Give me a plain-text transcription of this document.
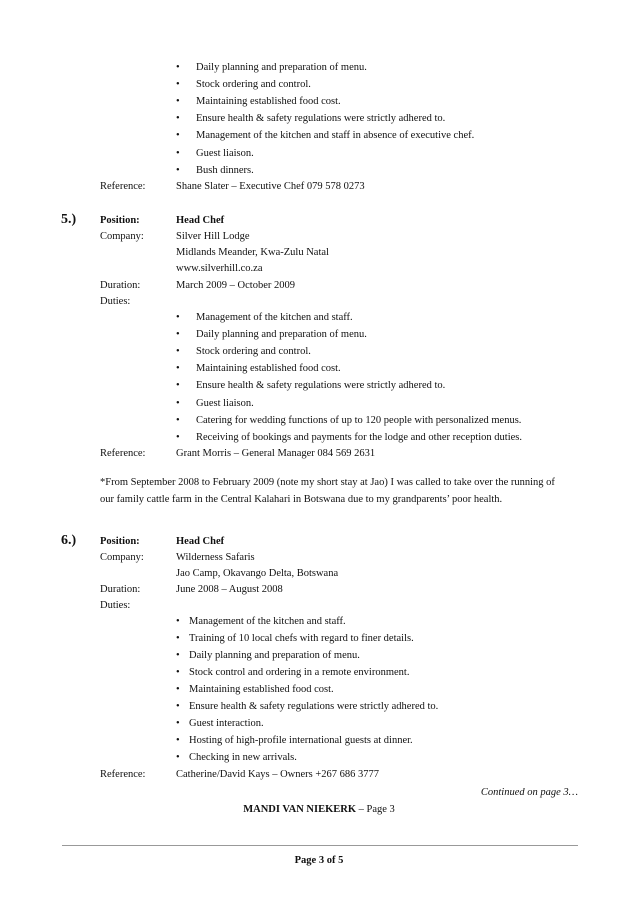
• Daily planning and preparation of menu.
• Stock ordering and control.
• Maintaining established food cost.
• Ensure health & safety regulations were strictly adhered to.
• Management of the kitchen and staff in absence of executive chef.
• Guest liaison.
• Bush dinners.
Reference:	Shane Slater – Executive Chef 079 578 0273
5.) Position:	Head Chef
Company:	Silver Hill Lodge
Midlands Meander, Kwa-Zulu Natal
www.silverhill.co.za
Duration:	March 2009 – October 2009
Duties:
• Management of the kitchen and staff.
• Daily planning and preparation of menu.
• Stock ordering and control.
• Maintaining established food cost.
• Ensure health & safety regulations were strictly adhered to.
• Guest liaison.
• Catering for wedding functions of up to 120 people with personalized menus.
• Receiving of bookings and payments for the lodge and other reception duties.
Reference:	Grant Morris – General Manager 084 569 2631
*From September 2008 to February 2009 (note my short stay at Jao) I was called to take over the running of our family cattle farm in the Central Kalahari in Botswana due to my grandparents’ poor health.
6.) Position:	Head Chef
Company:	Wilderness Safaris
Jao Camp, Okavango Delta, Botswana
Duration:	June 2008 – August 2008
Duties:
• Management of the kitchen and staff.
• Training of 10 local chefs with regard to finer details.
• Daily planning and preparation of menu.
• Stock control and ordering in a remote environment.
• Maintaining established food cost.
• Ensure health & safety regulations were strictly adhered to.
• Guest interaction.
• Hosting of high-profile international guests at dinner.
• Checking in new arrivals.
Reference:	Catherine/David Kays – Owners +267 686 3777
Continued on page 3…
MANDI VAN NIEKERK – Page 3
Page 3 of 5
